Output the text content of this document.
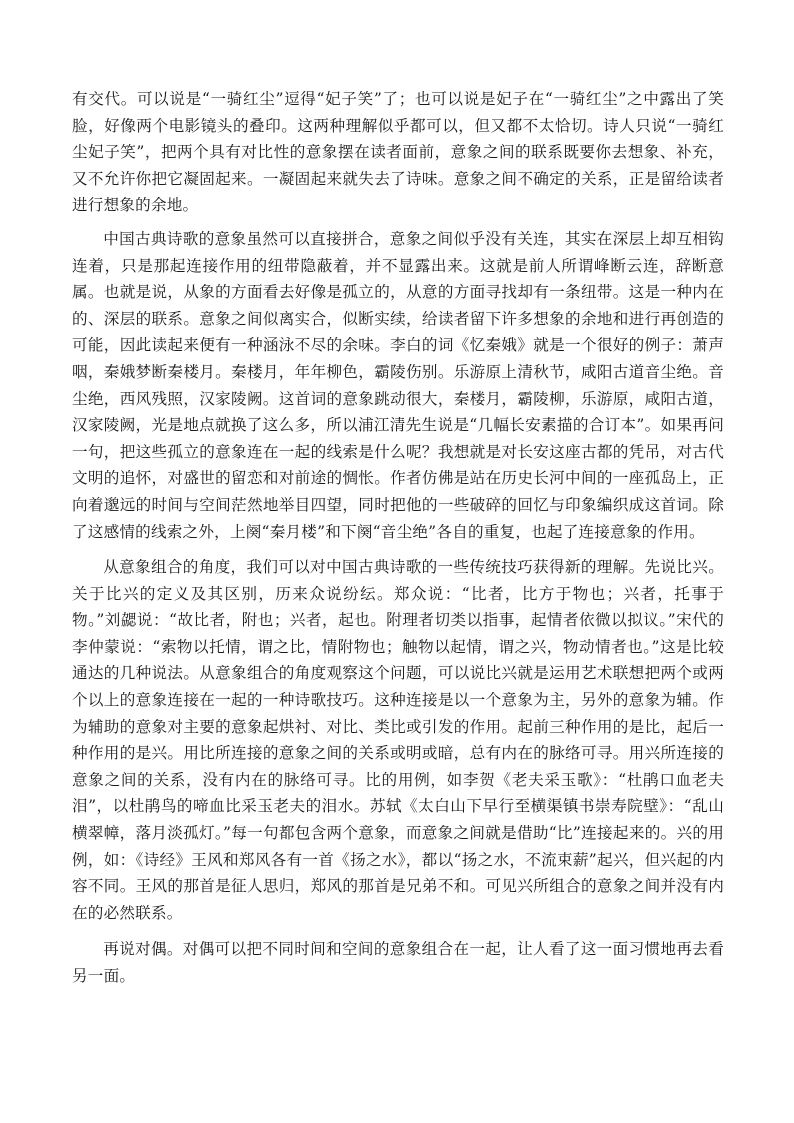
有交代。可以说是“一骑红尘”逗得“妃子笑”了；也可以说是妃子在“一骑红尘”之中露出了笑脸，好像两个电影镜头的叠印。这两种理解似乎都可以，但又都不太恰切。诗人只说“一骑红尘妃子笑”，把两个具有对比性的意象摆在读者面前，意象之间的联系既要你去想象、补充，又不允许你把它凝固起来。一凝固起来就失去了诗味。意象之间不确定的关系，正是留给读者进行想象的余地。

中国古典诗歌的意象虽然可以直接拼合，意象之间似乎没有关连，其实在深层上却互相钩连着，只是那起连接作用的纽带隐蔽着，并不显露出来。这就是前人所谓峰断云连，辞断意属。也就是说，从象的方面看去好像是孤立的，从意的方面寻找却有一条纽带。这是一种内在的、深层的联系。意象之间似离实合，似断实续，给读者留下许多想象的余地和进行再创造的可能，因此读起来便有一种涵泳不尽的余味。李白的词《忆秦娥》就是一个很好的例子：萧声咽，秦娥梦断秦楼月。秦楼月，年年柳色，霸陵伤别。乐游原上清秋节，咸阳古道音尘绝。音尘绝，西风残照，汉家陵阙。这首词的意象跳动很大，秦楼月，霸陵柳，乐游原，咸阳古道，汉家陵阙，光是地点就换了这么多，所以浦江清先生说是“几幅长安素描的合订本”。如果再问一句，把这些孤立的意象连在一起的线索是什么呢？我想就是对长安这座古都的凭吊，对古代文明的追怀，对盛世的留恋和对前途的惆怅。作者仿佛是站在历史长河中间的一座孤岛上，正向着邈远的时间与空间茫然地举目四望，同时把他的一些破碎的回忆与印象编织成这首词。除了这感情的线索之外，上阕“秦月楼”和下阕“音尘绝”各自的重复，也起了连接意象的作用。

从意象组合的角度，我们可以对中国古典诗歌的一些传统技巧获得新的理解。先说比兴。关于比兴的定义及其区别，历来众说纷纭。郑众说：“比者，比方于物也；兴者，托事于物。”刘勰说：“故比者，附也；兴者，起也。附理者切类以指事，起情者依微以拟议。”宋代的李仲蒙说：“索物以托情，谓之比，情附物也；触物以起情，谓之兴，物动情者也。”这是比较通达的几种说法。从意象组合的角度观察这个问题，可以说比兴就是运用艺术联想把两个或两个以上的意象连接在一起的一种诗歌技巧。这种连接是以一个意象为主，另外的意象为辅。作为辅助的意象对主要的意象起烘衬、对比、类比或引发的作用。起前三种作用的是比，起后一种作用的是兴。用比所连接的意象之间的关系或明或暗，总有内在的脉络可寻。用兴所连接的意象之间的关系，没有内在的脉络可寻。比的用例，如李贺《老夫采玉歌》：“杜鹃口血老夫泪”，以杜鹃鸟的啼血比采玉老夫的泪水。苏轼《太白山下早行至横渠镇书崇寿院壁》：“乱山横翠幛，落月淡孤灯。”每一句都包含两个意象，而意象之间就是借助“比”连接起来的。兴的用例，如：《诗经》王风和郑风各有一首《扬之水》，都以“扬之水，不流束薪”起兴，但兴起的内容不同。王风的那首是征人思归，郑风的那首是兄弟不和。可见兴所组合的意象之间并没有内在的必然联系。

再说对偶。对偶可以把不同时间和空间的意象组合在一起，让人看了这一面习惯地再去看另一面。
